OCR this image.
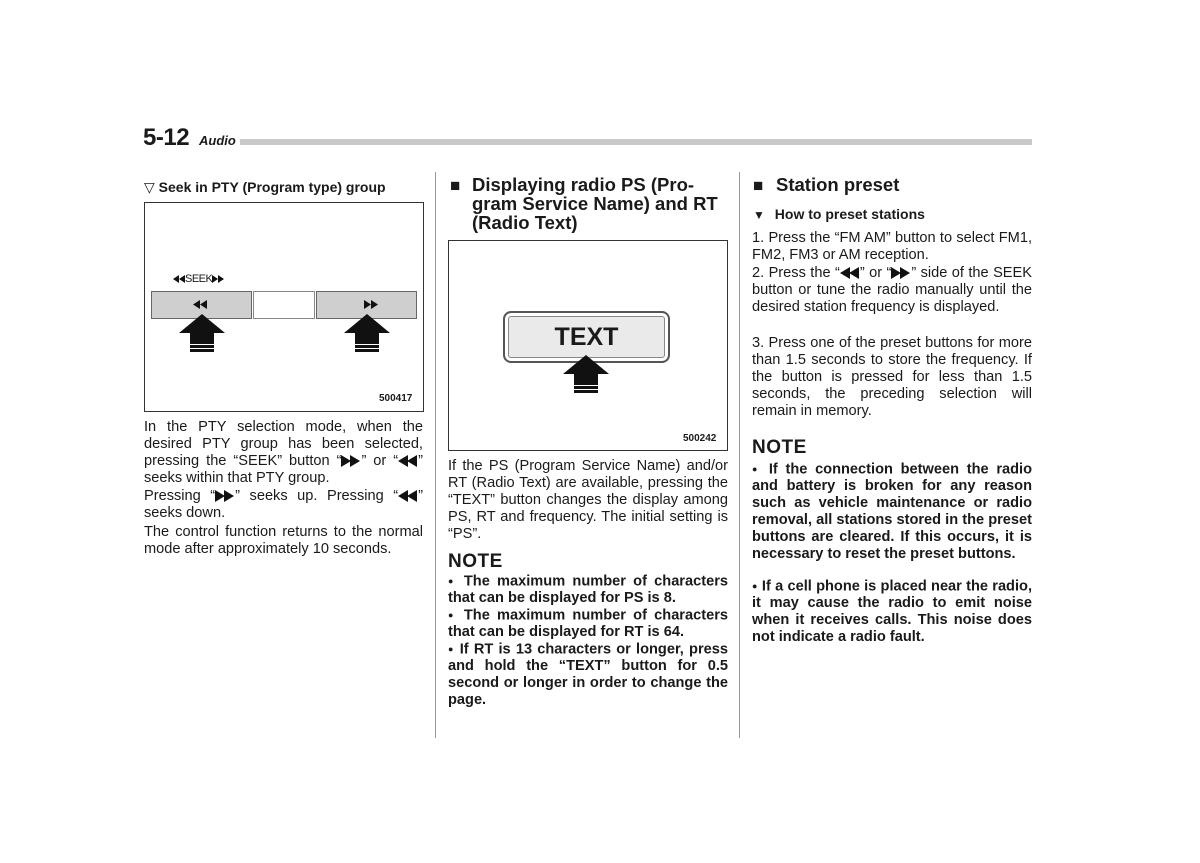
5-12 Audio
▽ Seek in PTY (Program type) group
SEEK
500417
In the PTY selection mode, when the desired PTY group has been selected, pressing the “SEEK” button “ ” or “ ” seeks within that PTY group.
Pressing “ ” seeks up. Pressing “ ” seeks down.
The control function returns to the normal mode after approximately 10 seconds.
■ Displaying radio PS (Pro-
gram Service Name) and RT
(Radio Text)
TEXT
500242
If the PS (Program Service Name) and/or RT (Radio Text) are available, pressing the “TEXT” button changes the display among PS, RT and frequency. The initial setting is “PS”.
NOTE
● The maximum number of characters that can be displayed for PS is 8.
● The maximum number of characters that can be displayed for RT is 64.
● If RT is 13 characters or longer, press and hold the “TEXT” button for 0.5 second or longer in order to change the page.
■ Station preset
▼ How to preset stations
1. Press the “FM AM” button to select FM1, FM2, FM3 or AM reception.
2. Press the “ ” or “ ” side of the SEEK button or tune the radio manually until the desired station frequency is displayed.
3. Press one of the preset buttons for more than 1.5 seconds to store the frequency. If the button is pressed for less than 1.5 seconds, the preceding selection will remain in memory.
NOTE
● If the connection between the radio and battery is broken for any reason such as vehicle maintenance or radio removal, all stations stored in the preset buttons are cleared. If this occurs, it is necessary to reset the preset buttons.
● If a cell phone is placed near the radio, it may cause the radio to emit noise when it receives calls. This noise does not indicate a radio fault.
